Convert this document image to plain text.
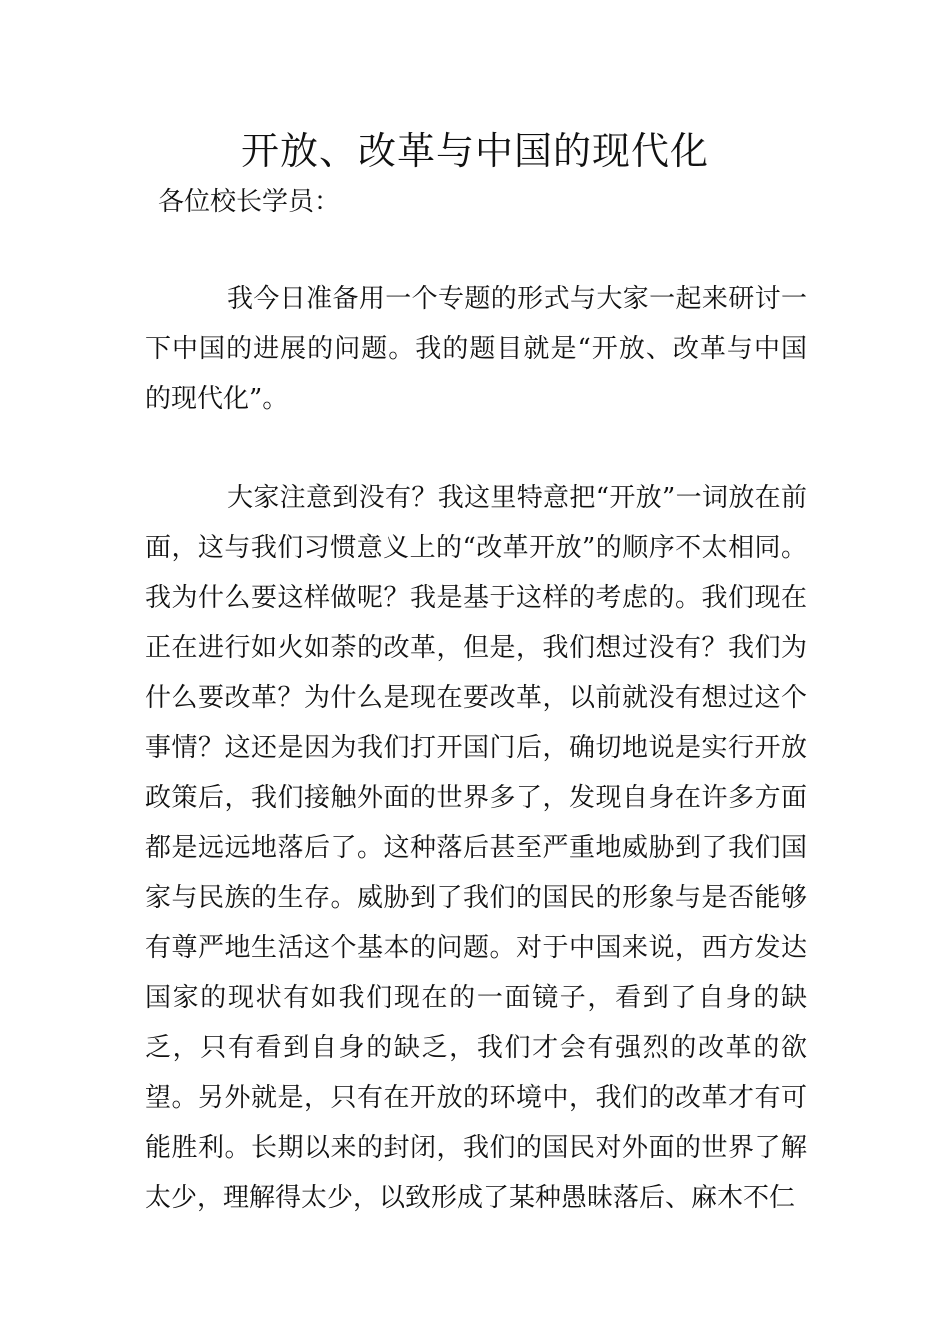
开放、改革与中国的现代化

各位校长学员：

我今日准备用一个专题的形式与大家一起来研讨一下中国的进展的问题。我的题目就是“开放、改革与中国的现代化”。

大家注意到没有？我这里特意把“开放”一词放在前面，这与我们习惯意义上的“改革开放”的顺序不太相同。我为什么要这样做呢？我是基于这样的考虑的。我们现在正在进行如火如荼的改革，但是，我们想过没有？我们为什么要改革？为什么是现在要改革，以前就没有想过这个事情？这还是因为我们打开国门后，确切地说是实行开放政策后，我们接触外面的世界多了，发现自身在许多方面都是远远地落后了。这种落后甚至严重地威胁到了我们国家与民族的生存。威胁到了我们的国民的形象与是否能够有尊严地生活这个基本的问题。对于中国来说，西方发达国家的现状有如我们现在的一面镜子，看到了自身的缺乏，只有看到自身的缺乏，我们才会有强烈的改革的欲望。另外就是，只有在开放的环境中，我们的改革才有可能胜利。长期以来的封闭，我们的国民对外面的世界了解太少，理解得太少，以致形成了某种愚昧落后、麻木不仁
